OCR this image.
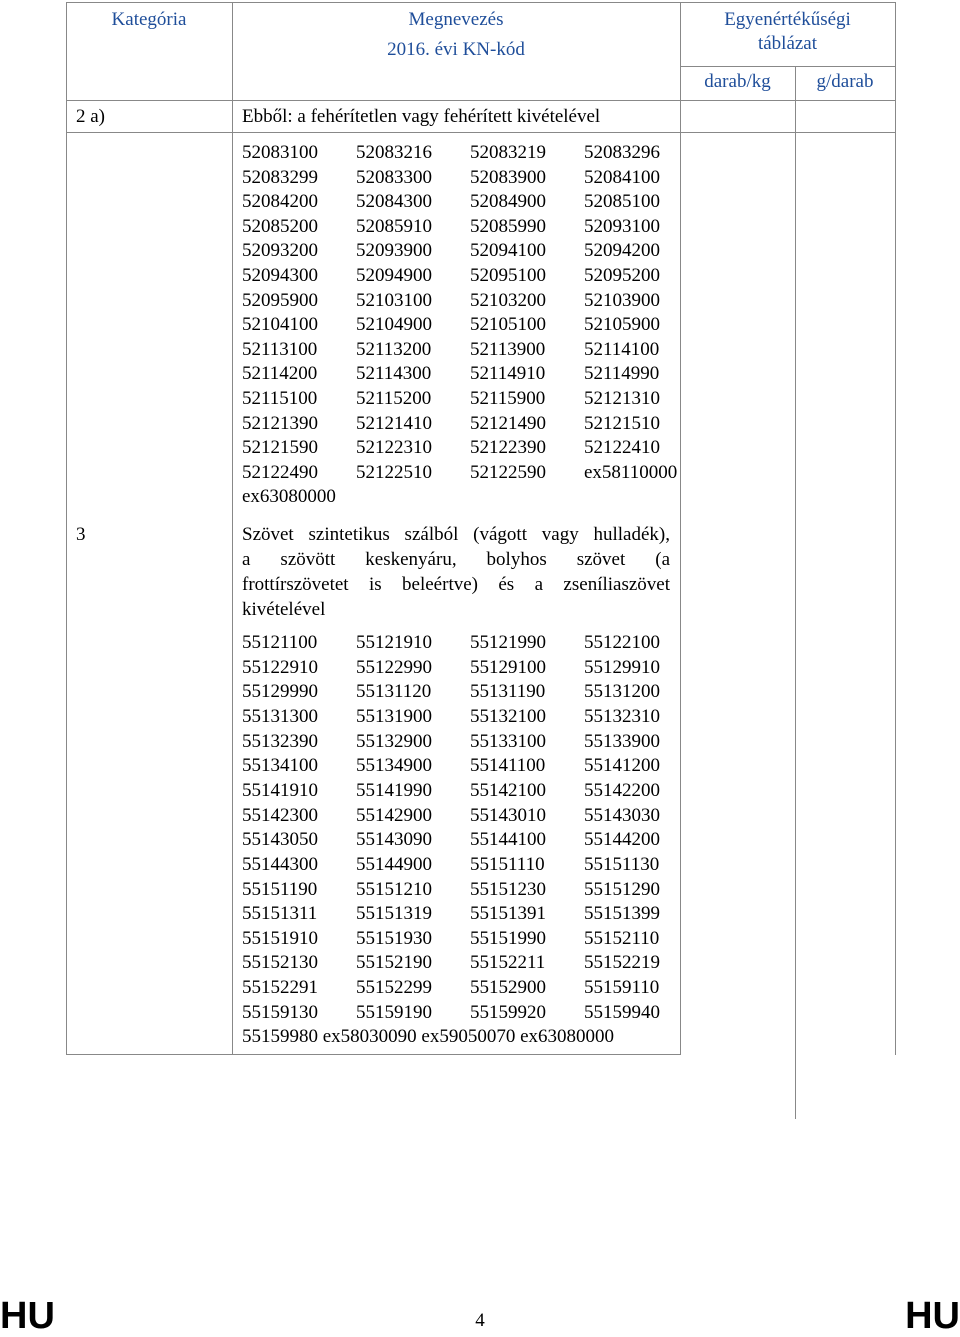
Kategória	Megnevezés
2016. évi KN-kód
Egyenértékűségi
táblázat
darab/kg	g/darab
2 a)	Ebből: a fehérítetlen vagy fehérített kivételével
52083100 52083216 52083219 52083296
52083299 52083300 52083900 52084100
52084200 52084300 52084900 52085100
52085200 52085910 52085990 52093100
52093200 52093900 52094100 52094200
52094300 52094900 52095100 52095200
52095900 52103100 52103200 52103900
52104100 52104900 52105100 52105900
52113100 52113200 52113900 52114100
52114200 52114300 52114910 52114990
52115100 52115200 52115900 52121310
52121390 52121410 52121490 52121510
52121590 52122310 52122390 52122410
52122490 52122510 52122590 ex58110000
ex63080000
3	Szövet szintetikus szálból (vágott vagy hulladék),
a szövött keskenyáru, bolyhos szövet (a
frottírszövetet is beleértve) és a zseníliaszövet
kivételével
55121100 55121910 55121990 55122100
55122910 55122990 55129100 55129910
55129990 55131120 55131190 55131200
55131300 55131900 55132100 55132310
55132390 55132900 55133100 55133900
55134100 55134900 55141100 55141200
55141910 55141990 55142100 55142200
55142300 55142900 55143010 55143030
55143050 55143090 55144100 55144200
55144300 55144900 55151110 55151130
55151190 55151210 55151230 55151290
55151311 55151319 55151391 55151399
55151910 55151930 55151990 55152110
55152130 55152190 55152211 55152219
55152291 55152299 55152900 55159110
55159130 55159190 55159920 55159940
55159980 ex58030090 ex59050070 ex63080000
HU	4	HU
